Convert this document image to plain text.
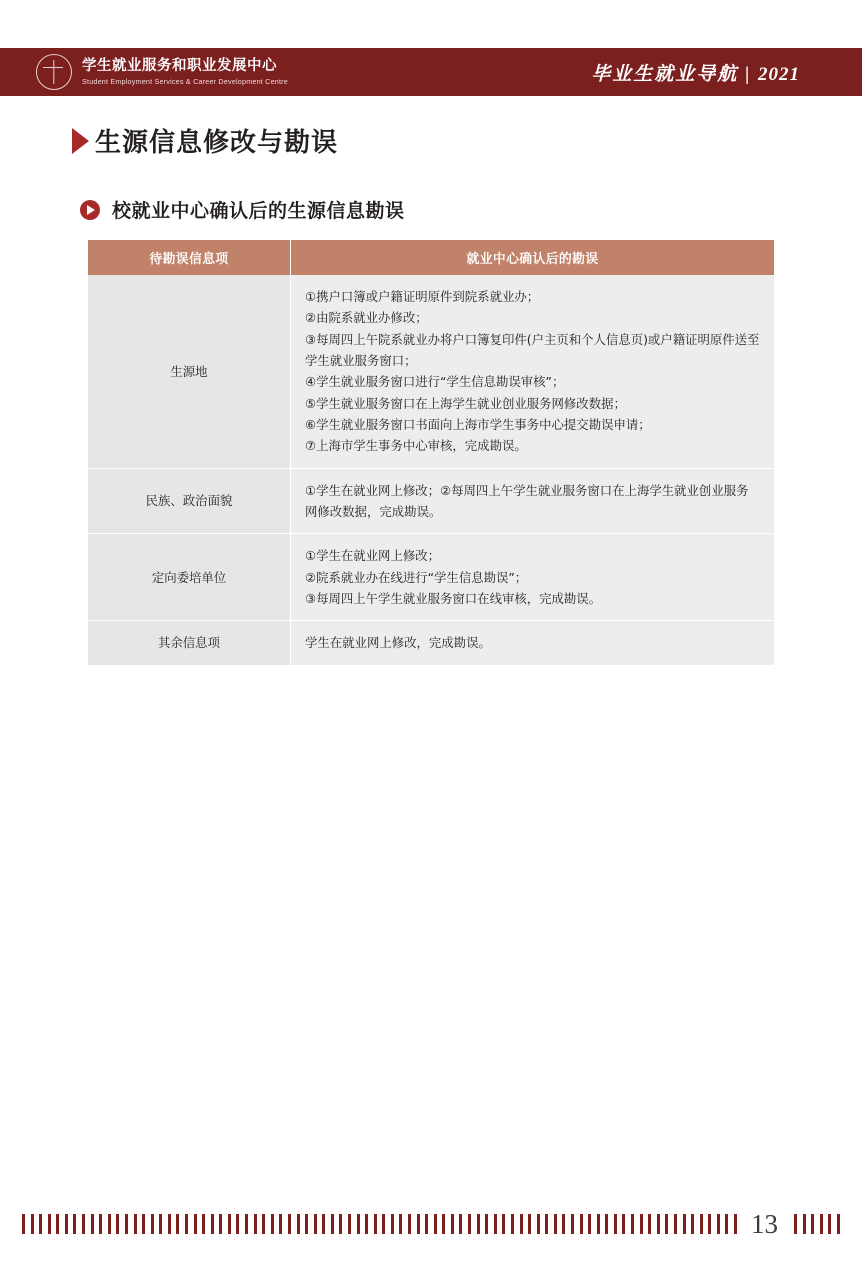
学生就业服务和职业发展中心
Student Employment Services & Career Development Centre	毕业生就业导航 | 2021
生源信息修改与勘误
校就业中心确认后的生源信息勘误
待勘误信息项	就业中心确认后的勘误
生源地	
①携户口簿或户籍证明原件到院系就业办；
②由院系就业办修改；
③每周四上午院系就业办将户口簿复印件(户主页和个人信息页)或户籍证明原件送至学生就业服务窗口；
④学生就业服务窗口进行“学生信息勘误审核”；
⑤学生就业服务窗口在上海学生就业创业服务网修改数据；
⑥学生就业服务窗口书面向上海市学生事务中心提交勘误申请；
⑦上海市学生事务中心审核，完成勘误。

民族、政治面貌	①学生在就业网上修改；②每周四上午学生就业服务窗口在上海学生就业创业服务网修改数据，完成勘误。

定向委培单位	①学生在就业网上修改；
②院系就业办在线进行“学生信息勘误”；
③每周四上午学生就业服务窗口在线审核，完成勘误。

其余信息项	学生在就业网上修改，完成勘误。
13
